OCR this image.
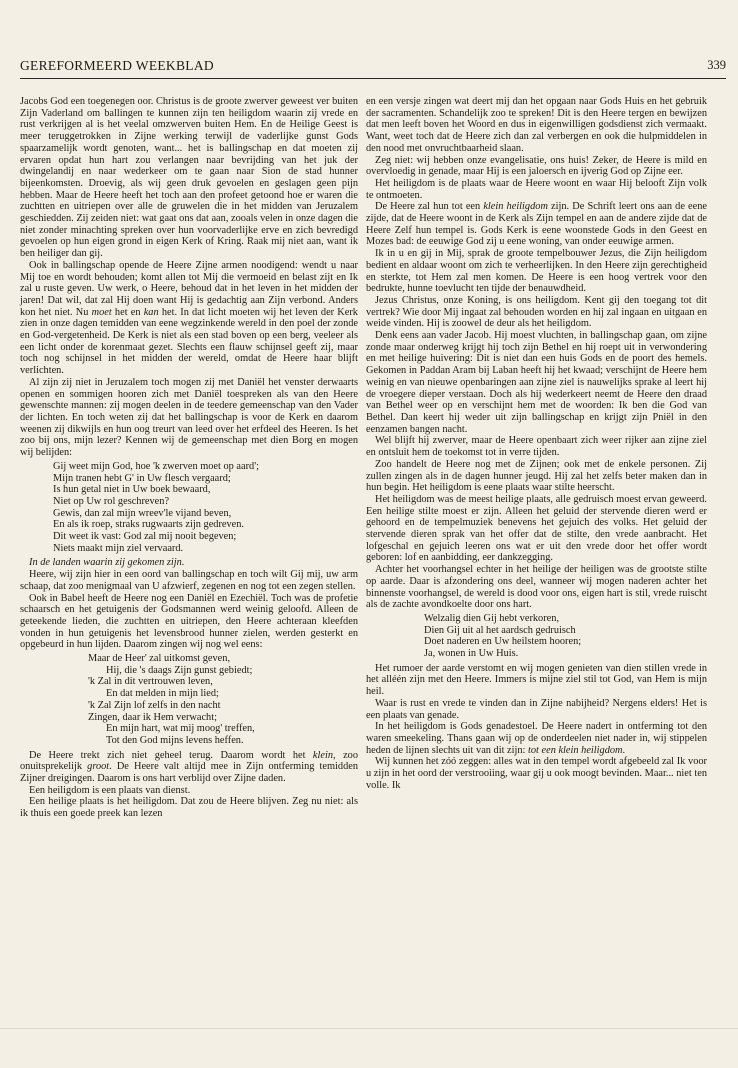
GEREFORMEERD WEEKBLAD	339

Jacobs God een toegenegen oor. Christus is de groote zwerver geweest ver buiten Zijn Vaderland om ballingen te kunnen zijn ten heiligdom waarin zij vrede en rust verkrijgen al is het veelal omzwerven buiten Hem. En de Heilige Geest is meer teruggetrokken in Zijne werking terwijl de vaderlijke gunst Gods spaarzamelijk wordt genoten, want... het is ballingschap en dat moeten zij ervaren opdat hun hart zou verlangen naar bevrijding van het juk der dwingelandij en naar wederkeer om te gaan naar Sion de stad hunner bijeenkomsten. Droevig, als wij geen druk gevoelen en geslagen geen pijn hebben. Maar de Heere heeft het toch aan den profeet getoond hoe er waren die zuchtten en uitriepen over alle de gruwelen die in het midden van Jeruzalem geschiedden. Zij zeiden niet: wat gaat ons dat aan, zooals velen in onze dagen die niet zonder minachting spreken over hun voorvaderlijke erve en zich bevredigd gevoelen op hun eigen grond in eigen Kerk of Kring. Raak mij niet aan, want ik ben heiliger dan gij.

Ook in ballingschap opende de Heere Zijne armen noodigend: wendt u naar Mij toe en wordt behouden; komt allen tot Mij die vermoeid en belast zijt en Ik zal u ruste geven. Uw werk, o Heere, behoud dat in het leven in het midden der jaren! Dat wil, dat zal Hij doen want Hij is gedachtig aan Zijn verbond. Anders kon het niet. Nu moet het en kan het. In dat licht moeten wij het leven der Kerk zien in onze dagen temidden van eene wegzinkende wereld in den poel der zonde en God-vergetenheid. De Kerk is niet als een stad boven op een berg, veeleer als een licht onder de korenmaat gezet. Slechts een flauw schijnsel geeft zij, maar toch nog schijnsel in het midden der wereld, omdat de Heere haar blijft verlichten.

Al zijn zij niet in Jeruzalem toch mogen zij met Daniël het venster derwaarts openen en sommigen hooren zich met Daniël toespreken als van den Heere gewenschte mannen: zij mogen deelen in de teedere gemeenschap van den Vader der lichten. En toch weten zij dat het ballingschap is voor de Kerk en daarom weenen zij dikwijls en hun oog treurt van leed over het erfdeel des Heeren. Is het zoo bij ons, mijn lezer? Kennen wij de gemeenschap met dien Borg en mogen wij belijden:

Gij weet mijn God, hoe 'k zwerven moet op aard';
Mijn tranen hebt G' in Uw flesch vergaard;
Is hun getal niet in Uw boek bewaard,
Niet op Uw rol geschreven?
Gewis, dan zal mijn wreev'le vijand beven,
En als ik roep, straks rugwaarts zijn gedreven.
Dit weet ik vast: God zal mij nooit begeven;
Niets maakt mijn ziel vervaard.

In de landen waarin zij gekomen zijn.

Heere, wij zijn hier in een oord van ballingschap en toch wilt Gij mij, uw arm schaap, dat zoo menigmaal van U afzwierf, zegenen en nog tot een zegen stellen.

Ook in Babel heeft de Heere nog een Daniël en Ezechiël. Toch was de profetie schaarsch en het getuigenis der Godsmannen werd weinig geloofd. Alleen de geteekende lieden, die zuchtten en uitriepen, den Heere achteraan kleefden vonden in hun getuigenis het levensbrood hunner zielen, werden gesterkt en opgebeurd in hun lijden. Daarom zingen wij nog wel eens:

Maar de Heer' zal uitkomst geven,
Hij, die 's daags Zijn gunst gebiedt;
'k Zal in dit vertrouwen leven,
En dat melden in mijn lied;
'k Zal Zijn lof zelfs in den nacht
Zingen, daar ik Hem verwacht;
En mijn hart, wat mij moog' treffen,
Tot den God mijns levens heffen.

De Heere trekt zich niet geheel terug. Daarom wordt het klein, zoo onuitsprekelijk groot. De Heere valt altijd mee in Zijn ontferming temidden Zijner dreigingen. Daarom is ons hart verblijd over Zijne daden.

Een heiligdom is een plaats van dienst.

Een heilige plaats is het heiligdom. Dat zou de Heere blijven. Zeg nu niet: als ik thuis een goede preek kan lezen

en een versje zingen wat deert mij dan het opgaan naar Gods Huis en het gebruik der sacramenten. Schandelijk zoo te spreken! Dit is den Heere tergen en bewijzen dat men leeft boven het Woord en dus in eigenwilligen godsdienst zich vermaakt. Want, weet toch dat de Heere zich dan zal verbergen en ook die hulpmiddelen in den nood met onvruchtbaarheid slaan.

Zeg niet: wij hebben onze evangelisatie, ons huis! Zeker, de Heere is mild en overvloedig in genade, maar Hij is een jaloersch en ijverig God op Zijne eer.

Het heiligdom is de plaats waar de Heere woont en waar Hij belooft Zijn volk te ontmoeten.

De Heere zal hun tot een klein heiligdom zijn. De Schrift leert ons aan de eene zijde, dat de Heere woont in de Kerk als Zijn tempel en aan de andere zijde dat de Heere Zelf hun tempel is. Gods Kerk is eene woonstede Gods in den Geest en Mozes bad: de eeuwige God zij u eene woning, van onder eeuwige armen.

Ik in u en gij in Mij, sprak de groote tempelbouwer Jezus, die Zijn heiligdom bedient en aldaar woont om zich te verheerlijken. In den Heere zijn gerechtigheid en sterkte, tot Hem zal men komen. De Heere is een hoog vertrek voor den bedrukte, hunne toevlucht ten tijde der benauwdheid.

Jezus Christus, onze Koning, is ons heiligdom. Kent gij den toegang tot dit vertrek? Wie door Mij ingaat zal behouden worden en hij zal ingaan en uitgaan en weide vinden. Hij is zoowel de deur als het heiligdom.

Denk eens aan vader Jacob. Hij moest vluchten, in ballingschap gaan, om zijne zonde maar onderweg krijgt hij toch zijn Bethel en hij roept uit in verwondering en met heilige huivering: Dit is niet dan een huis Gods en de poort des hemels. Gekomen in Paddan Aram bij Laban heeft hij het kwaad; verschijnt de Heere hem weinig en van nieuwe openbaringen aan zijne ziel is nauwelijks sprake al leert hij de vroegere dieper verstaan. Doch als hij wederkeert neemt de Heere den draad van Bethel weer op en verschijnt hem met de woorden: Ik ben die God van Bethel. Dan keert hij weder uit zijn ballingschap en krijgt zijn Pniël in den eenzamen bangen nacht.

Wel blijft hij zwerver, maar de Heere openbaart zich weer rijker aan zijne ziel en ontsluit hem de toekomst tot in verre tijden.

Zoo handelt de Heere nog met de Zijnen; ook met de enkele personen. Zij zullen zingen als in de dagen hunner jeugd. Hij zal het zelfs beter maken dan in hun begin. Het heiligdom is eene plaats waar stilte heerscht.

Het heiligdom was de meest heilige plaats, alle gedruisch moest ervan geweerd. Een heilige stilte moest er zijn. Alleen het geluid der stervende dieren werd er gehoord en de tempelmuziek benevens het gejuich des volks. Het geluid der stervende dieren sprak van het offer dat de stilte, den vrede aanbracht. Het lofgeschal en gejuich leeren ons wat er uit den vrede door het offer wordt geboren: lof en aanbidding, eer dankzegging.

Achter het voorhangsel echter in het heilige der heiligen was de grootste stilte op aarde. Daar is afzondering ons deel, wanneer wij mogen naderen achter het binnenste voorhangsel, de wereld is dood voor ons, eigen hart is stil, vrede ruischt als de zachte avondkoelte door ons hart.

Welzalig dien Gij hebt verkoren,
Dien Gij uit al het aardsch gedruisch
Doet naderen en Uw heilstem hooren;
Ja, wonen in Uw Huis.

Het rumoer der aarde verstomt en wij mogen genieten van dien stillen vrede in het alléén zijn met den Heere. Immers is mijne ziel stil tot God, van Hem is mijn heil.

Waar is rust en vrede te vinden dan in Zijne nabijheid? Nergens elders! Het is een plaats van genade.

In het heiligdom is Gods genadestoel. De Heere nadert in ontferming tot den waren smeekeling. Thans gaan wij op de onderdeelen niet nader in, wij stippelen heden de lijnen slechts uit van dit zijn: tot een klein heiligdom.

Wij kunnen het zóó zeggen: alles wat in den tempel wordt afgebeeld zal Ik voor u zijn in het oord der verstrooiing, waar gij u ook moogt bevinden. Maar... niet ten volle. Ik
